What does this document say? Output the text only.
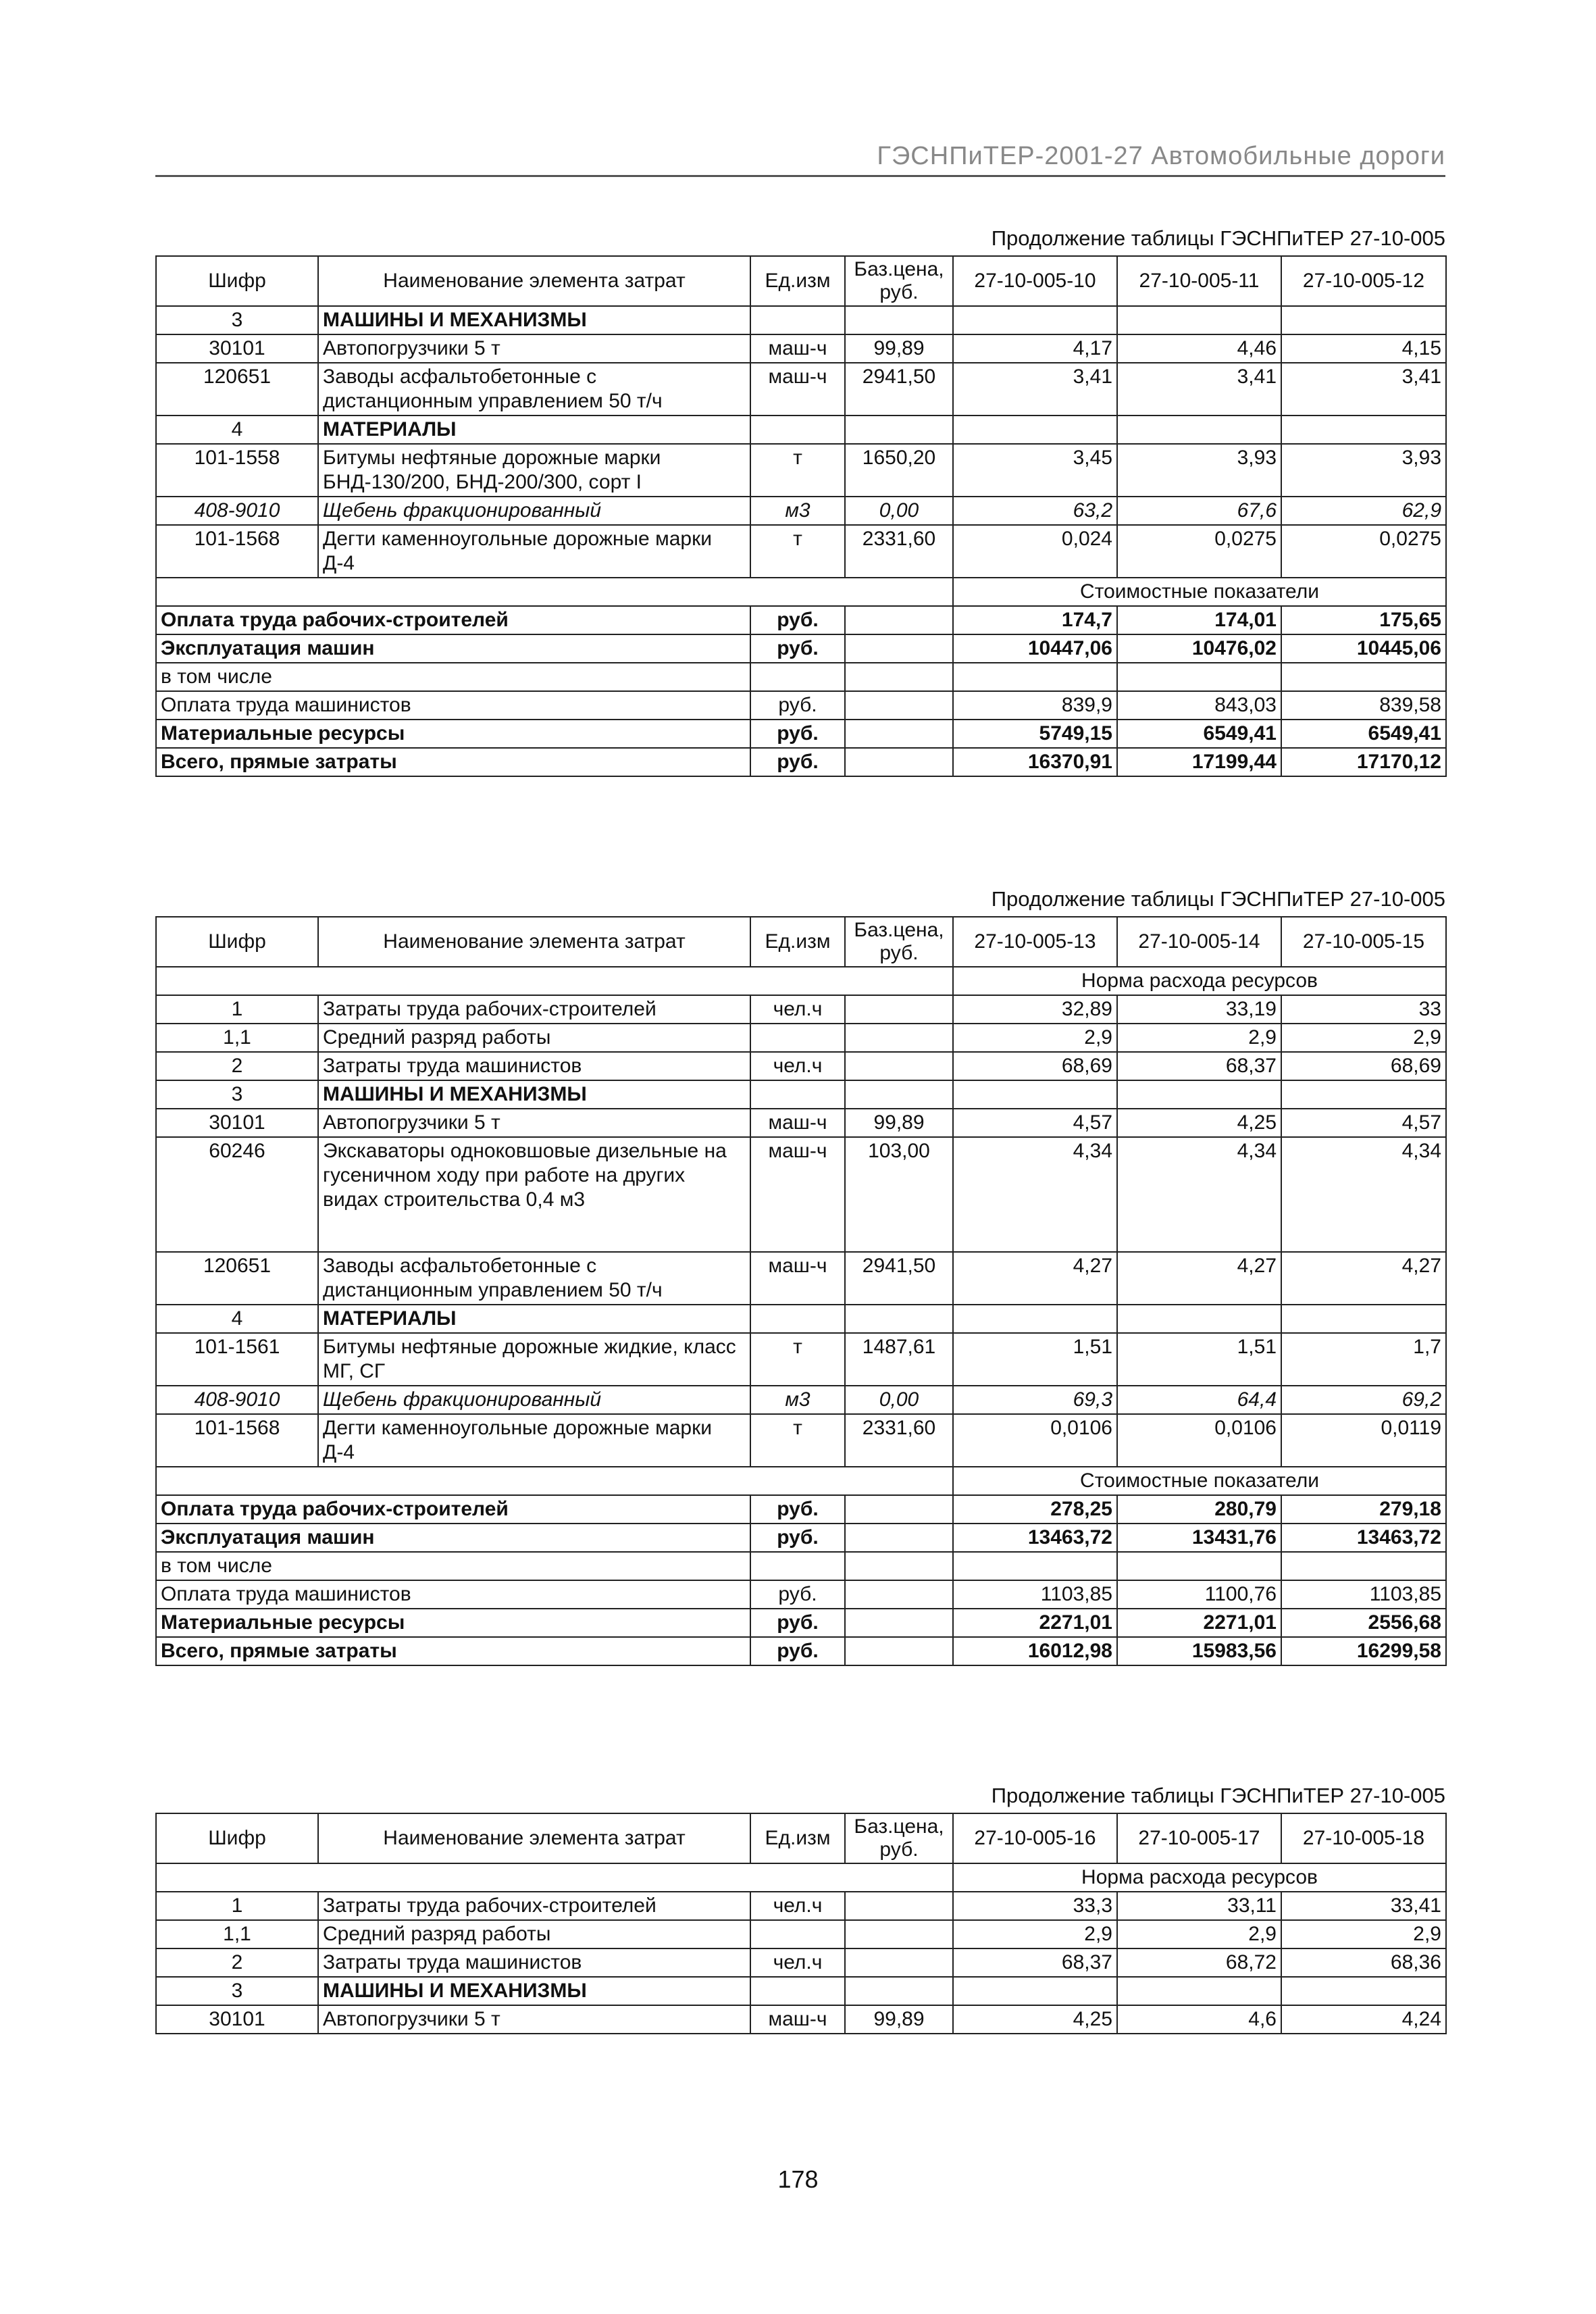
ГЭСНПиТЕР-2001-27 Автомобильные дороги
Продолжение таблицы ГЭСНПиТЕР 27-10-005
Шифр	Наименование элемента затрат	Ед.изм	Баз.цена, руб.	27-10-005-10	27-10-005-11	27-10-005-12
3	МАШИНЫ И МЕХАНИЗМЫ					
30101	Автопогрузчики 5 т	маш-ч	99,89	4,17	4,46	4,15
120651	Заводы асфальтобетонные с дистанционным управлением 50 т/ч	маш-ч	2941,50	3,41	3,41	3,41
4	МАТЕРИАЛЫ					
101-1558	Битумы нефтяные дорожные марки БНД-130/200, БНД-200/300, сорт I	т	1650,20	3,45	3,93	3,93
408-9010	Щебень фракционированный	м3	0,00	63,2	67,6	62,9
101-1568	Дегти каменноугольные дорожные марки Д-4	т	2331,60	0,024	0,0275	0,0275
				Стоимостные показатели		
Оплата труда рабочих-строителей		руб.		174,7	174,01	175,65
Эксплуатация машин		руб.		10447,06	10476,02	10445,06
в том числе						
Оплата труда машинистов		руб.		839,9	843,03	839,58
Материальные ресурсы		руб.		5749,15	6549,41	6549,41
Всего, прямые затраты		руб.		16370,91	17199,44	17170,12
Продолжение таблицы ГЭСНПиТЕР 27-10-005
Шифр	Наименование элемента затрат	Ед.изм	Баз.цена, руб.	27-10-005-13	27-10-005-14	27-10-005-15
				Норма расхода ресурсов		
1	Затраты труда рабочих-строителей	чел.ч		32,89	33,19	33
1,1	Средний разряд работы			2,9	2,9	2,9
2	Затраты труда машинистов	чел.ч		68,69	68,37	68,69
3	МАШИНЫ И МЕХАНИЗМЫ					
30101	Автопогрузчики 5 т	маш-ч	99,89	4,57	4,25	4,57
60246	Экскаваторы одноковшовые дизельные на гусеничном ходу при работе на других видах строительства 0,4 м3	маш-ч	103,00	4,34	4,34	4,34
120651	Заводы асфальтобетонные с дистанционным управлением 50 т/ч	маш-ч	2941,50	4,27	4,27	4,27
4	МАТЕРИАЛЫ					
101-1561	Битумы нефтяные дорожные жидкие, класс МГ, СГ	т	1487,61	1,51	1,51	1,7
408-9010	Щебень фракционированный	м3	0,00	69,3	64,4	69,2
101-1568	Дегти каменноугольные дорожные марки Д-4	т	2331,60	0,0106	0,0106	0,0119
				Стоимостные показатели		
Оплата труда рабочих-строителей		руб.		278,25	280,79	279,18
Эксплуатация машин		руб.		13463,72	13431,76	13463,72
в том числе						
Оплата труда машинистов		руб.		1103,85	1100,76	1103,85
Материальные ресурсы		руб.		2271,01	2271,01	2556,68
Всего, прямые затраты		руб.		16012,98	15983,56	16299,58
Продолжение таблицы ГЭСНПиТЕР 27-10-005
Шифр	Наименование элемента затрат	Ед.изм	Баз.цена, руб.	27-10-005-16	27-10-005-17	27-10-005-18
				Норма расхода ресурсов		
1	Затраты труда рабочих-строителей	чел.ч		33,3	33,11	33,41
1,1	Средний разряд работы			2,9	2,9	2,9
2	Затраты труда машинистов	чел.ч		68,37	68,72	68,36
3	МАШИНЫ И МЕХАНИЗМЫ					
30101	Автопогрузчики 5 т	маш-ч	99,89	4,25	4,6	4,24
178
